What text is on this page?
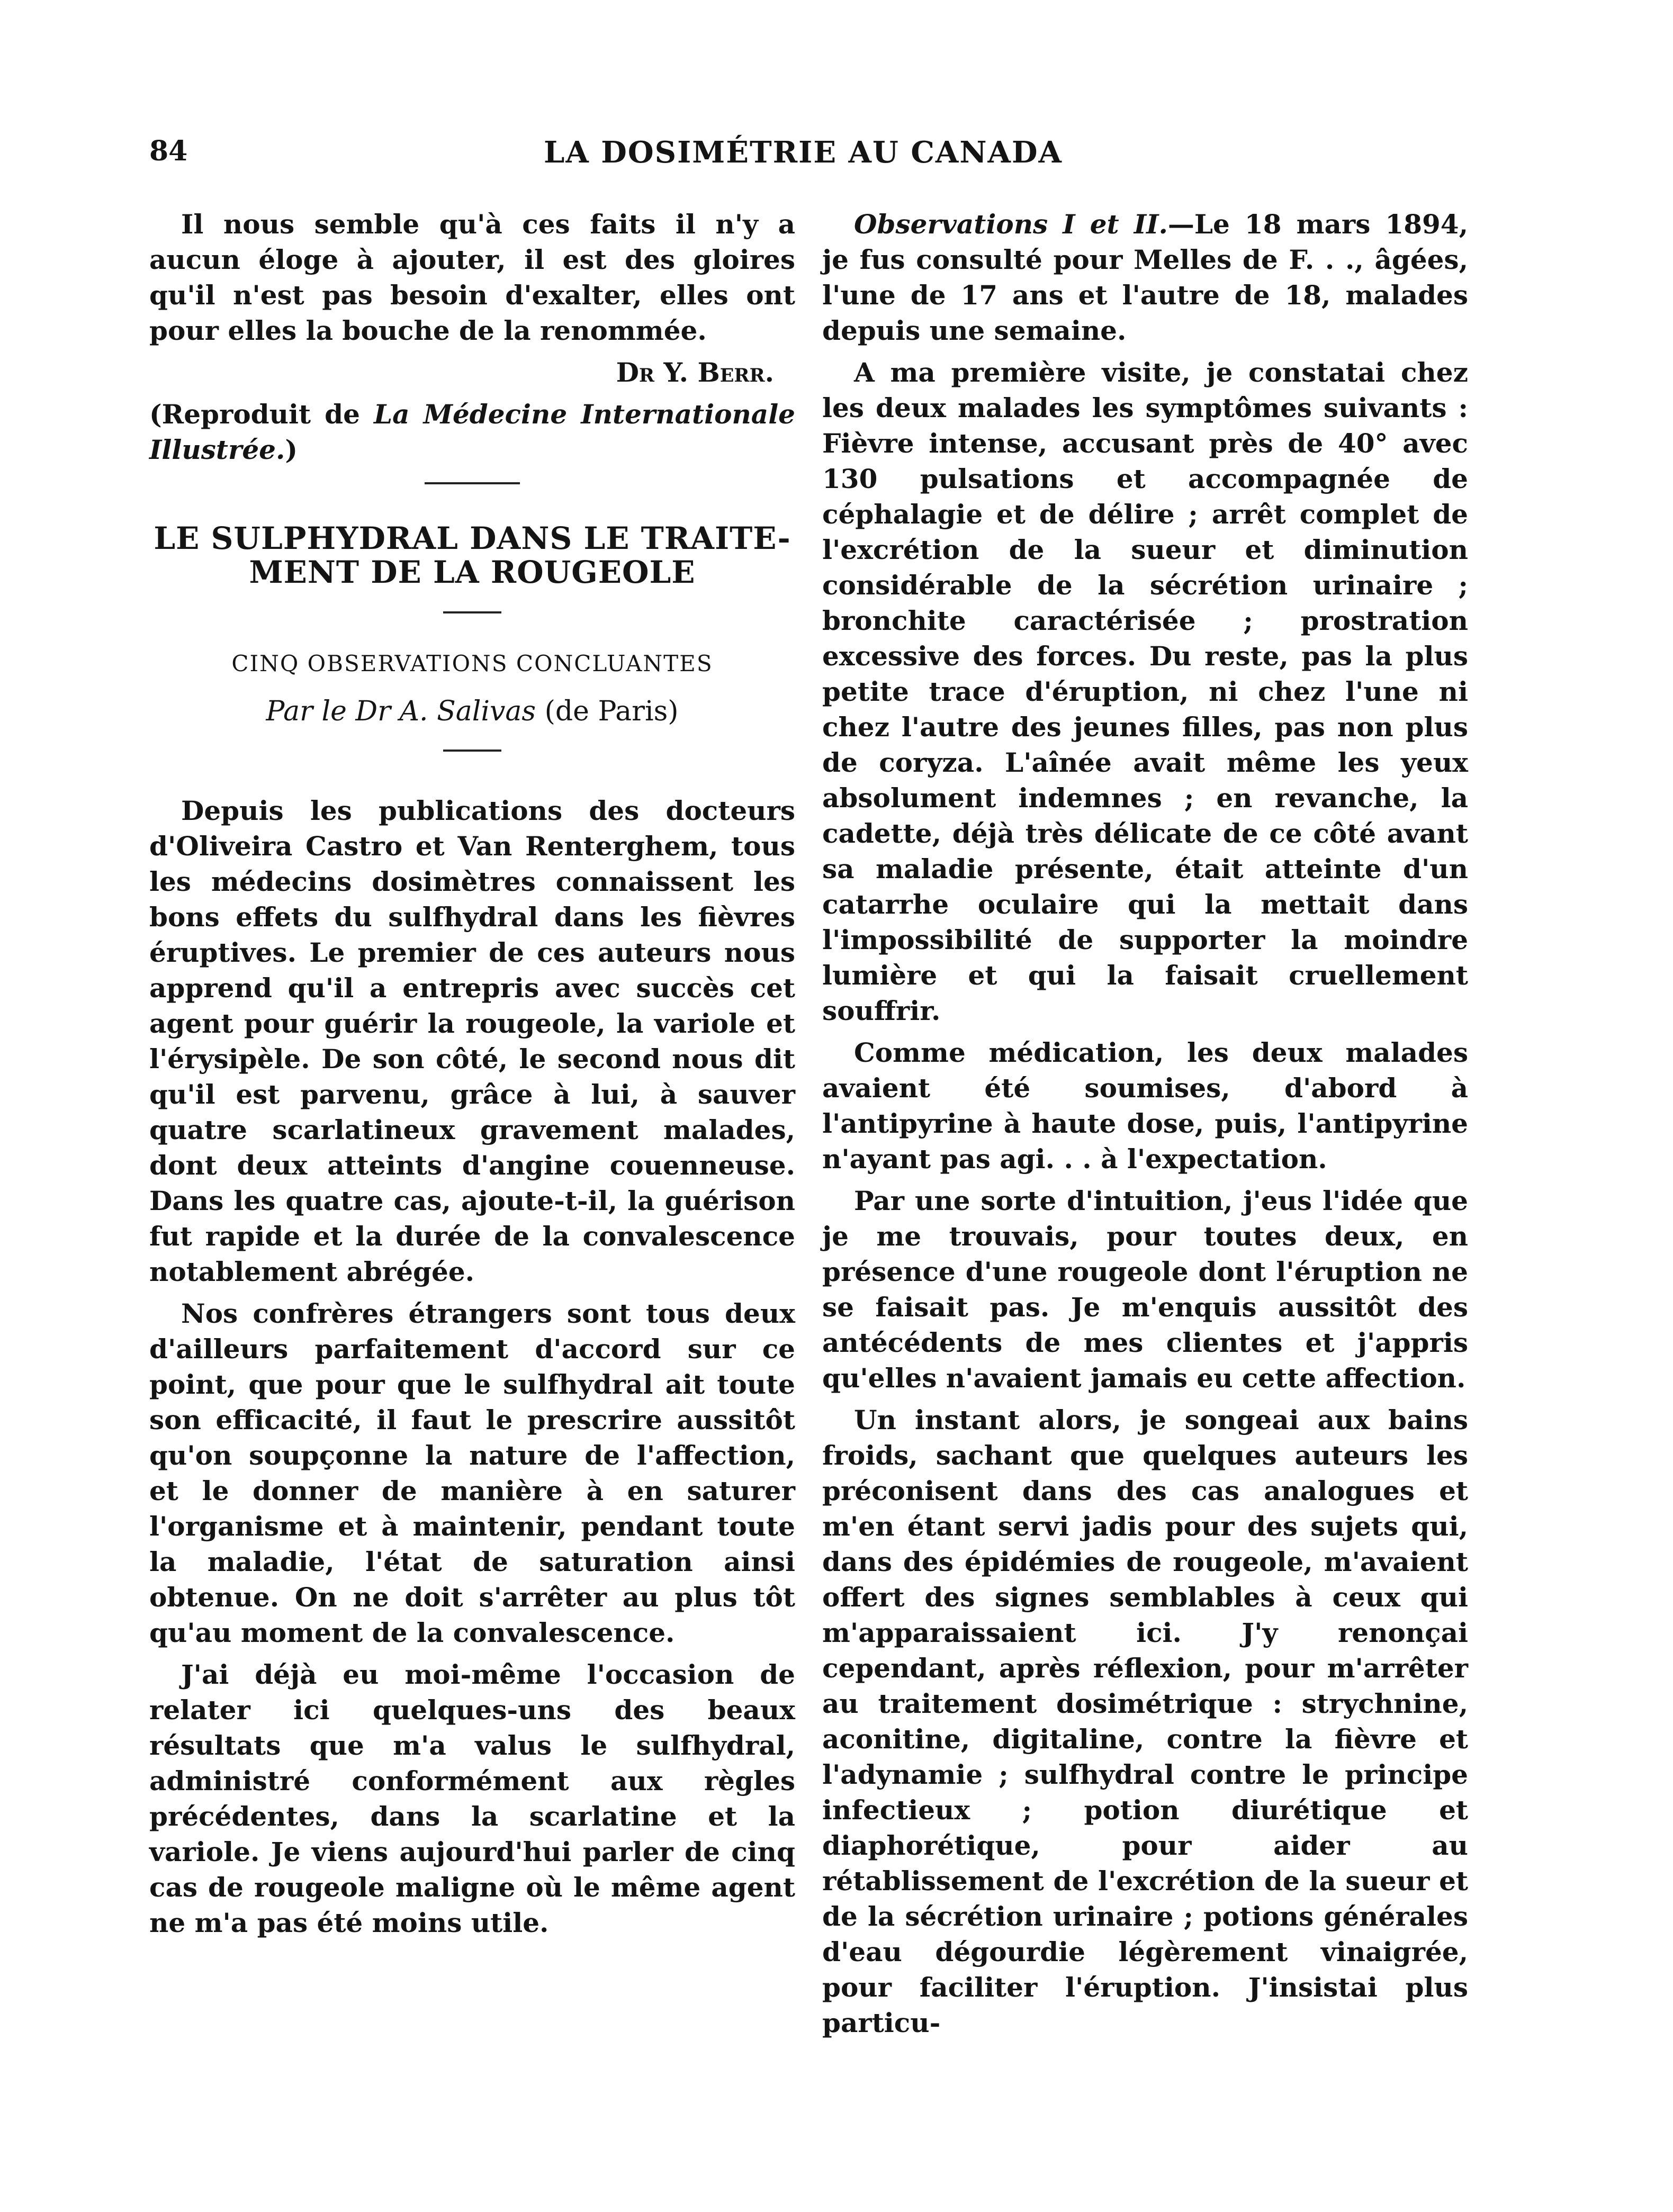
84	LA DOSIMÉTRIE AU CANADA

Il nous semble qu'à ces faits il n'y a aucun éloge à ajouter, il est des gloires qu'il n'est pas besoin d'exalter, elles ont pour elles la bouche de la renommée.

Dr Y. Berr.

(Reproduit de La Médecine Internationale Illustrée.)

LE SULPHYDRAL DANS LE TRAITE-
MENT DE LA ROUGEOLE
CINQ OBSERVATIONS CONCLUANTES
Par le Dr A. Salivas (de Paris)

Depuis les publications des docteurs d'Oliveira Castro et Van Renterghem, tous les médecins dosimètres connaissent les bons effets du sulfhydral dans les fièvres éruptives. Le premier de ces auteurs nous apprend qu'il a entrepris avec succès cet agent pour guérir la rougeole, la variole et l'érysipèle. De son côté, le second nous dit qu'il est parvenu, grâce à lui, à sauver quatre scarlatineux gravement malades, dont deux atteints d'angine couenneuse. Dans les quatre cas, ajoute-t-il, la guérison fut rapide et la durée de la convalescence notablement abrégée.

Nos confrères étrangers sont tous deux d'ailleurs parfaitement d'accord sur ce point, que pour que le sulfhydral ait toute son efficacité, il faut le prescrire aussitôt qu'on soupçonne la nature de l'affection, et le donner de manière à en saturer l'organisme et à maintenir, pendant toute la maladie, l'état de saturation ainsi obtenue. On ne doit s'arrêter au plus tôt qu'au moment de la convalescence.

J'ai déjà eu moi-même l'occasion de relater ici quelques-uns des beaux résultats que m'a valus le sulfhydral, administré conformément aux règles précédentes, dans la scarlatine et la variole. Je viens aujourd'hui parler de cinq cas de rougeole maligne où le même agent ne m'a pas été moins utile.

Observations I et II.—Le 18 mars 1894, je fus consulté pour Melles de F. . ., âgées, l'une de 17 ans et l'autre de 18, malades depuis une semaine.

A ma première visite, je constatai chez les deux malades les symptômes suivants : Fièvre intense, accusant près de 40° avec 130 pulsations et accompagnée de céphalagie et de délire ; arrêt complet de l'excrétion de la sueur et diminution considérable de la sécrétion urinaire ; bronchite caractérisée ; prostration excessive des forces. Du reste, pas la plus petite trace d'éruption, ni chez l'une ni chez l'autre des jeunes filles, pas non plus de coryza. L'aînée avait même les yeux absolument indemnes ; en revanche, la cadette, déjà très délicate de ce côté avant sa maladie présente, était atteinte d'un catarrhe oculaire qui la mettait dans l'impossibilité de supporter la moindre lumière et qui la faisait cruellement souffrir.

Comme médication, les deux malades avaient été soumises, d'abord à l'antipyrine à haute dose, puis, l'antipyrine n'ayant pas agi. . . à l'expectation.

Par une sorte d'intuition, j'eus l'idée que je me trouvais, pour toutes deux, en présence d'une rougeole dont l'éruption ne se faisait pas. Je m'enquis aussitôt des antécédents de mes clientes et j'appris qu'elles n'avaient jamais eu cette affection.

Un instant alors, je songeai aux bains froids, sachant que quelques auteurs les préconisent dans des cas analogues et m'en étant servi jadis pour des sujets qui, dans des épidémies de rougeole, m'avaient offert des signes semblables à ceux qui m'apparaissaient ici. J'y renonçai cependant, après réflexion, pour m'arrêter au traitement dosimétrique : strychnine, aconitine, digitaline, contre la fièvre et l'adynamie ; sulfhydral contre le principe infectieux ; potion diurétique et diaphorétique, pour aider au rétablissement de l'excrétion de la sueur et de la sécrétion urinaire ; potions générales d'eau dégourdie légèrement vinaigrée, pour faciliter l'éruption. J'insistai plus particu-
